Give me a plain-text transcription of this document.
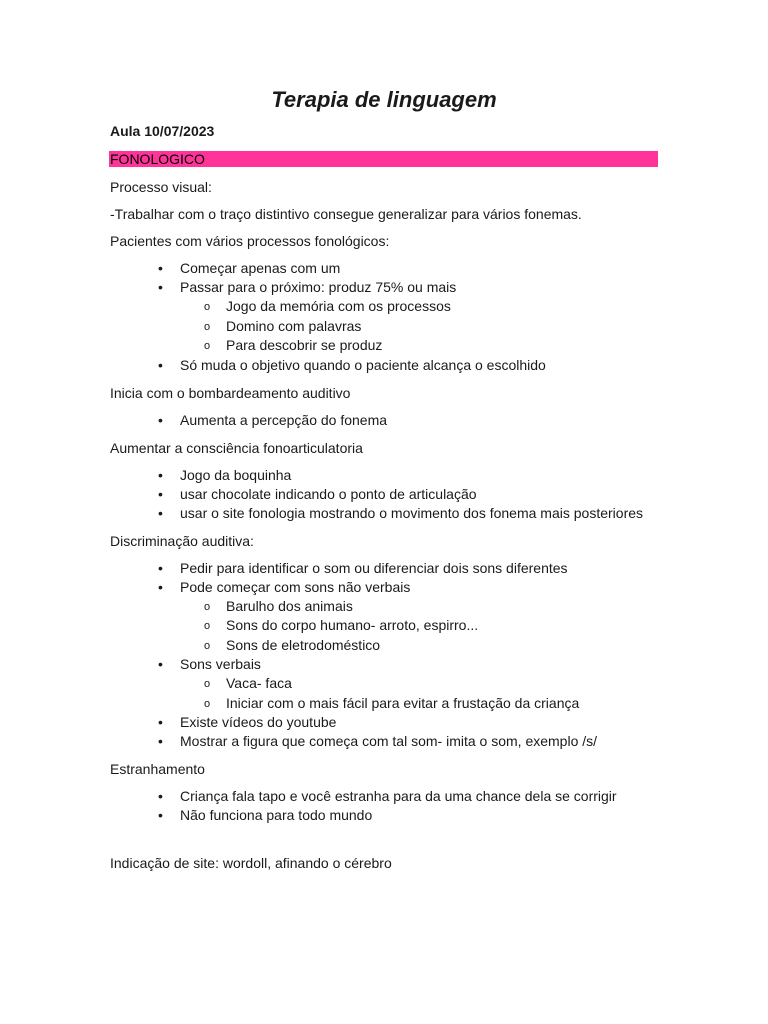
Terapia de linguagem
Aula 10/07/2023
FONOLOGICO

Processo visual:

-Trabalhar com o traço distintivo consegue generalizar para vários fonemas.

Pacientes com vários processos fonológicos:

• Começar apenas com um
• Passar para o próximo: produz 75% ou mais
o Jogo da memória com os processos
o Domino com palavras
o Para descobrir se produz
• Só muda o objetivo quando o paciente alcança o escolhido

Inicia com o bombardeamento auditivo

• Aumenta a percepção do fonema

Aumentar a consciência fonoarticulatoria

• Jogo da boquinha
• usar chocolate indicando o ponto de articulação
• usar o site fonologia mostrando o movimento dos fonema mais posteriores

Discriminação auditiva:

• Pedir para identificar o som ou diferenciar dois sons diferentes
• Pode começar com sons não verbais
o Barulho dos animais
o Sons do corpo humano- arroto, espirro...
o Sons de eletrodoméstico
• Sons verbais
o Vaca- faca
o Iniciar com o mais fácil para evitar a frustação da criança
• Existe vídeos do youtube
• Mostrar a figura que começa com tal som- imita o som, exemplo /s/

Estranhamento

• Criança fala tapo e você estranha para da uma chance dela se corrigir
• Não funciona para todo mundo

Indicação de site: wordoll, afinando o cérebro
